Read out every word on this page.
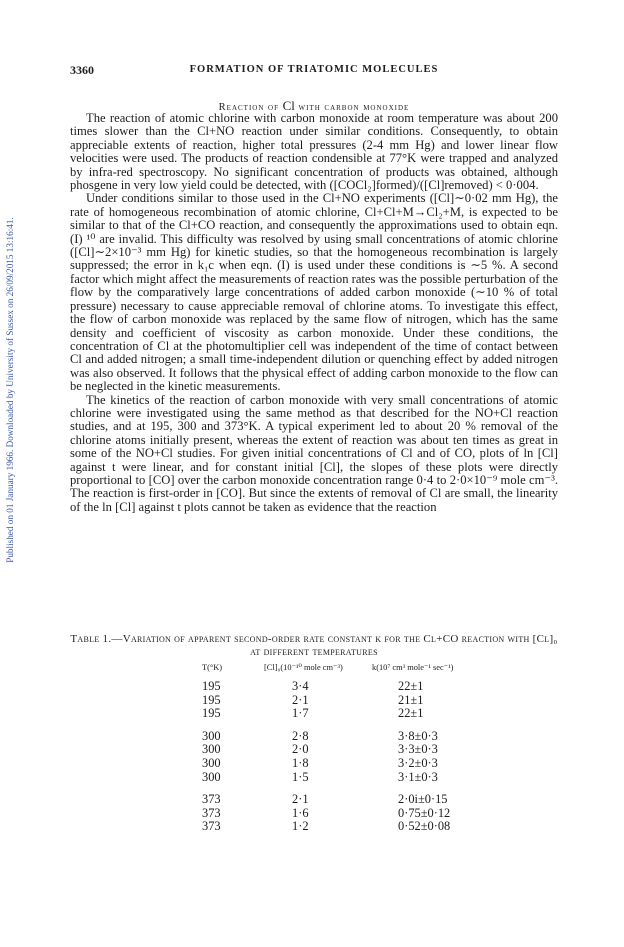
Published on 01 January 1966. Downloaded by University of Sussex on 26/09/2015 13:16:41.
3360	FORMATION OF TRIATOMIC MOLECULES
Reaction of Cl with carbon monoxide

The reaction of atomic chlorine with carbon monoxide at room temperature was about 200 times slower than the Cl+NO reaction under similar conditions. Consequently, to obtain appreciable extents of reaction, higher total pressures (2-4 mm Hg) and lower linear flow velocities were used. The products of reaction condensible at 77°K were trapped and analyzed by infra-red spectroscopy. No significant concentration of products was obtained, although phosgene in very low yield could be detected, with ([COCl₂]formed)/([Cl]removed) < 0·004.

Under conditions similar to those used in the Cl+NO experiments ([Cl]∼0·02 mm Hg), the rate of homogeneous recombination of atomic chlorine, Cl+Cl+M→Cl₂+M, is expected to be similar to that of the Cl+CO reaction, and consequently the approximations used to obtain eqn. (I) ¹⁰ are invalid. This difficulty was resolved by using small concentrations of atomic chlorine ([Cl]∼2×10⁻³ mm Hg) for kinetic studies, so that the homogeneous recombination is largely suppressed; the error in k₁c when eqn. (I) is used under these conditions is ∼5 %. A second factor which might affect the measurements of reaction rates was the possible perturbation of the flow by the comparatively large concentrations of added carbon monoxide (∼10 % of total pressure) necessary to cause appreciable removal of chlorine atoms. To investigate this effect, the flow of carbon monoxide was replaced by the same flow of nitrogen, which has the same density and coefficient of viscosity as carbon monoxide. Under these conditions, the concentration of Cl at the photomultiplier cell was independent of the time of contact between Cl and added nitrogen; a small time-independent dilution or quenching effect by added nitrogen was also observed. It follows that the physical effect of adding carbon monoxide to the flow can be neglected in the kinetic measurements.

The kinetics of the reaction of carbon monoxide with very small concentrations of atomic chlorine were investigated using the same method as that described for the NO+Cl reaction studies, and at 195, 300 and 373°K. A typical experiment led to about 20 % removal of the chlorine atoms initially present, whereas the extent of reaction was about ten times as great in some of the NO+Cl studies. For given initial concentrations of Cl and of CO, plots of ln [Cl] against t were linear, and for constant initial [Cl], the slopes of these plots were directly proportional to [CO] over the carbon monoxide concentration range 0·4 to 2·0×10⁻⁹ mole cm⁻³. The reaction is first-order in [CO]. But since the extents of removal of Cl are small, the linearity of the ln [Cl] against t plots cannot be taken as evidence that the reaction

Table 1.—Variation of apparent second-order rate constant k for the Cl+CO reaction with [Cl]₀ at different temperatures
T(°K)	[Cl]₀(10⁻¹⁰ mole cm⁻³)	k(10⁷ cm³ mole⁻¹ sec⁻¹)
195	3·4	22±1
195	2·1	21±1
195	1·7	22±1

300	2·8	3·8±0·3
300	2·0	3·3±0·3
300	1·8	3·2±0·3
300	1·5	3·1±0·3

373	2·1	2·0i±0·15
373	1·6	0·75±0·12
373	1·2	0·52±0·08
